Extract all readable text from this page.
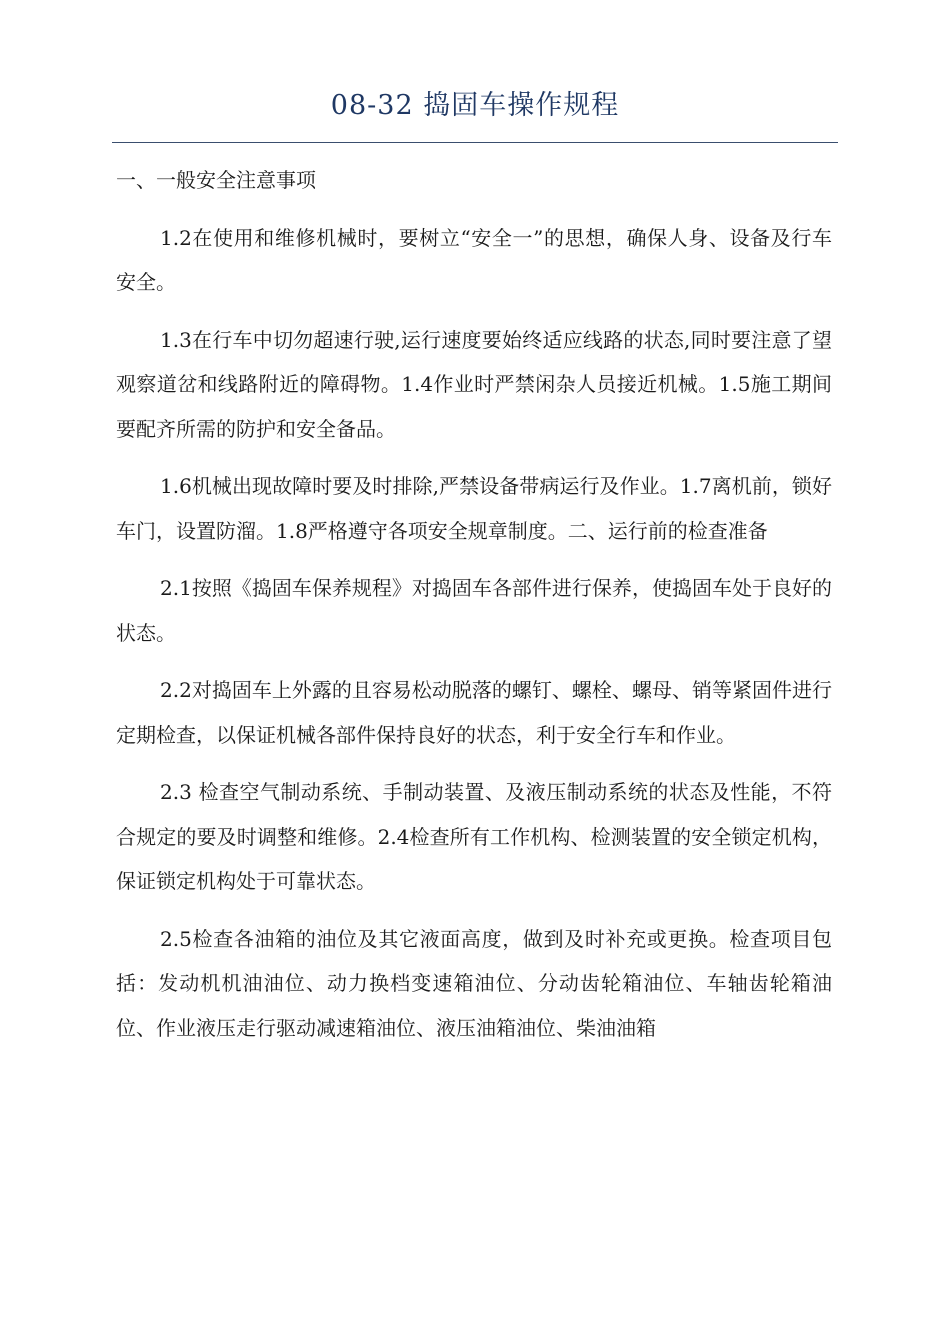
08-32 捣固车操作规程

一、一般安全注意事项

1.2在使用和维修机械时，要树立“安全一”的思想，确保人身、设备及行车安全。

1.3在行车中切勿超速行驶,运行速度要始终适应线路的状态,同时要注意了望观察道岔和线路附近的障碍物。1.4作业时严禁闲杂人员接近机械。1.5施工期间要配齐所需的防护和安全备品。

1.6机械出现故障时要及时排除,严禁设备带病运行及作业。1.7离机前，锁好车门，设置防溜。1.8严格遵守各项安全规章制度。二、运行前的检查准备

2.1按照《捣固车保养规程》对捣固车各部件进行保养，使捣固车处于良好的状态。

2.2对捣固车上外露的且容易松动脱落的螺钉、螺栓、螺母、销等紧固件进行定期检查，以保证机械各部件保持良好的状态，利于安全行车和作业。

2.3 检查空气制动系统、手制动装置、及液压制动系统的状态及性能，不符合规定的要及时调整和维修。2.4检查所有工作机构、检测装置的安全锁定机构，保证锁定机构处于可靠状态。

2.5检查各油箱的油位及其它液面高度，做到及时补充或更换。检查项目包括：发动机机油油位、动力换档变速箱油位、分动齿轮箱油位、车轴齿轮箱油位、作业液压走行驱动减速箱油位、液压油箱油位、柴油油箱
